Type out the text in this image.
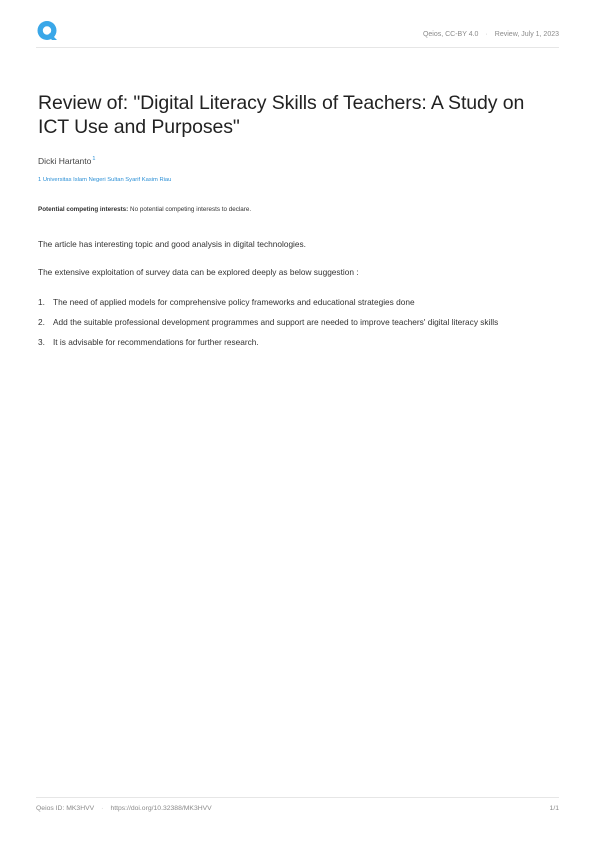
Qeios, CC-BY 4.0 · Review, July 1, 2023
Review of: "Digital Literacy Skills of Teachers: A Study on ICT Use and Purposes"
Dicki Hartanto$^1$
1 Universitas Islam Negeri Sultan Syarif Kasim Riau
Potential competing interests: No potential competing interests to declare.

The article has interesting topic and good analysis in digital technologies.

The extensive exploitation of survey data can be explored deeply as below suggestion :

1. The need of applied models for comprehensive policy frameworks and educational strategies done
2. Add the suitable professional development programmes and support are needed to improve teachers' digital literacy skills
3. It is advisable for recommendations for further research.
Qeios ID: MK3HVV · https://doi.org/10.32388/MK3HVV	1/1
